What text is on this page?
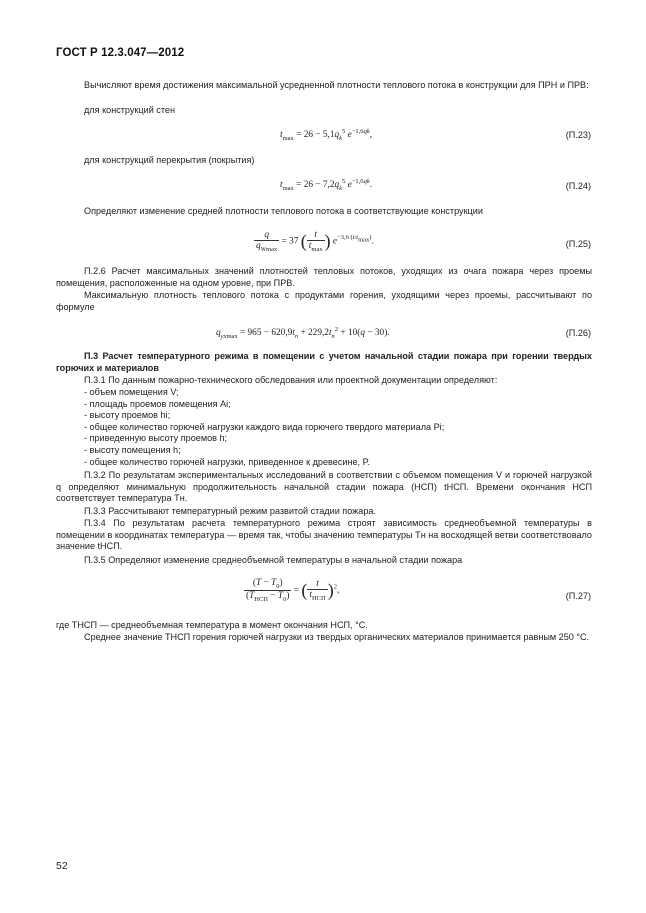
ГОСТ Р 12.3.047—2012
Вычисляют время достижения максимальной усредненной плотности теплового потока в конструкции для ПРН и ПРВ:
для конструкций стен
$t_{max} = 26 - 5,1q_k^5$ $e^{-1,6qk}$,	(П.23)
для конструкций перекрытия (покрытия)
$t_{max} = 26 - 7,2q_k^5$ $e^{-1,6qk}$.	(П.24)
Определяют изменение средней плотности теплового потока в соответствующие конструкции
$\frac{q}{q_{Wmax}} = 37$ ( $\frac{t}{t_{max}}$ ) $e^{-3,6 (t/t_{max})}$.	(П.25)
П.2.6 Расчет максимальных значений плотностей тепловых потоков, уходящих из очага пожара через проемы помещения, расположенные на одном уровне, при ПРВ.
Максимальную плотность теплового потока с продуктами горения, уходящими через проемы, рассчитывают по формуле
$q_{yxmax} = 965 - 620,9t_n + 229,2t_n^2 + 10(q - 30)$.	(П.26)
П.3 Расчет температурного режима в помещении с учетом начальной стадии пожара при горении твердых горючих и материалов
П.3.1 По данным пожарно-технического обследования или проектной документации определяют:
- объем помещения V;
- площадь проемов помещения Ai;
- высоту проемов hi;
- общее количество горючей нагрузки каждого вида горючего твердого материала Pi;
- приведенную высоту проемов h;
- высоту помещения h;
- общее количество горючей нагрузки, приведенное к древесине, P.
П.3.2 По результатам экспериментальных исследований в соответствии с объемом помещения V и горючей нагрузкой q определяют минимальную продолжительность начальной стадии пожара (НСП) tНСП. Времени окончания НСП соответствует температура Tн.
П.3.3 Рассчитывают температурный режим развитой стадии пожара.
П.3.4 По результатам расчета температурного режима строят зависимость среднеобъемной температуры в помещении в координатах температура — время так, чтобы значению температуры Tн на восходящей ветви соответствовало значение tНСП.
П.3.5 Определяют изменение среднеобъемной температуры в начальной стадии пожара
$\frac{(T - T_0)}{(T_{НСП} - T_0)}$ = ( $\frac{t}{t_{НСП}} )^2$,
(П.27)
где TНСП — среднеобъемная температура в момент окончания НСП, °С.
Среднее значение TНСП горения горючей нагрузки из твердых органических материалов принимается равным 250 °С.
52
